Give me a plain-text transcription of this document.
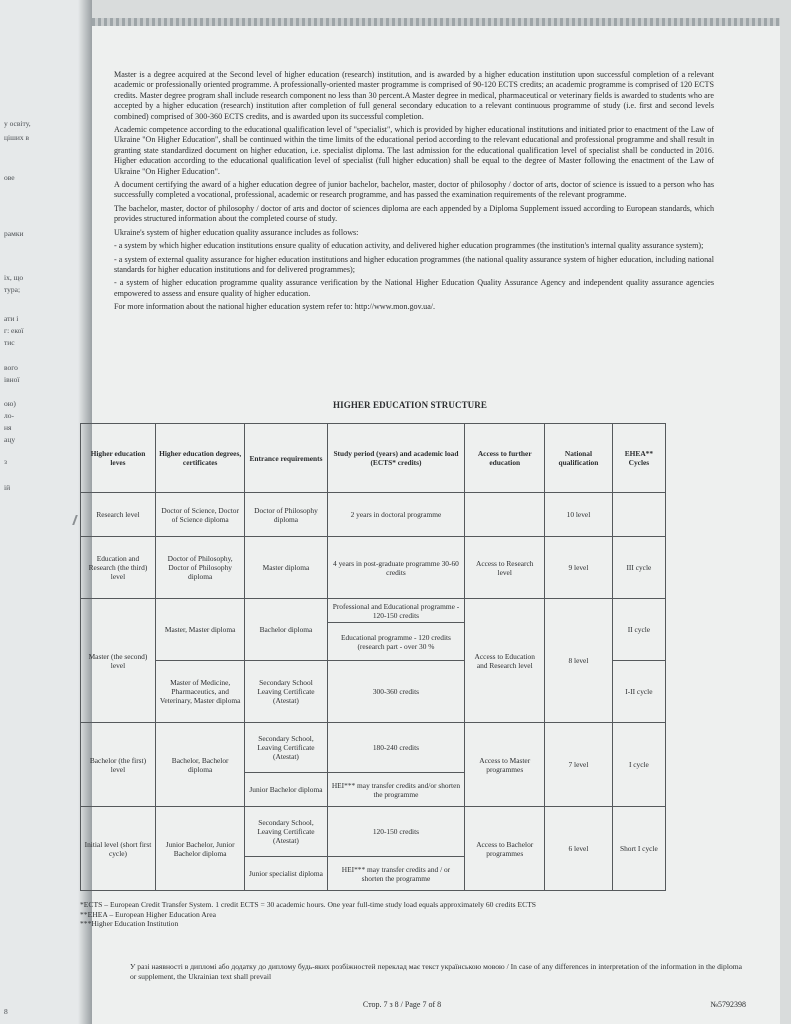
у освіту,
ціших в
ове
рамки
іх, що
тура;
ати і
г: екої
тис
вого
івної
ою)
ло-
ня
ацу
з
ій
8

Master is a degree acquired at the Second level of higher education (research) institution, and is awarded by a higher education institution upon successful completion of a relevant academic or professionally oriented programme. A professionally-oriented master programme is comprised of 90-120 ECTS credits; an academic programme is comprised of 120 ECTS credits. Master degree program shall include research component no less than 30 percent.A Master degree in medical, pharmaceutical or veterinary fields is awarded to students who are accepted by a higher education (research) institution after completion of full general secondary education to a relevant continuous programme of study (i.e. first and second levels combined) comprised of 300-360 ECTS credits, and is awarded upon its successful completion.

Academic competence according to the educational qualification level of "specialist", which is provided by higher educational institutions and initiated prior to enactment of the Law of Ukraine "On Higher Education", shall be continued within the time limits of the educational period according to the relevant educational and professional programme and shall result in granting state standardized document on higher education, i.e. specialist diploma. The last admission for the educational qualification level of specialist shall be conducted in 2016. Higher education according to the educational qualification level of specialist (full higher education) shall be equal to the degree of Master following the enactment of the Law of Ukraine "On Higher Education".

A document certifying the award of a higher education degree of junior bachelor, bachelor, master, doctor of philosophy / doctor of arts, doctor of science is issued to a person who has successfully completed a vocational, professional, academic or research programme, and has passed the examination requirements of the relevant programme.

The bachelor, master, doctor of philosophy / doctor of arts and doctor of sciences diploma are each appended by a Diploma Supplement issued according to European standards, which provides structured information about the completed course of study.

Ukraine's system of higher education quality assurance includes as follows:

- a system by which higher education institutions ensure quality of education activity, and delivered higher education programmes (the institution's internal quality assurance system);

- a system of external quality assurance for higher education institutions and higher education programmes (the national quality assurance system of higher education, including national standards for higher education institutions and for delivered programmes);

- a system of higher education programme quality assurance verification by the National Higher Education Quality Assurance Agency and independent quality assurance agencies empowered to assess and ensure quality of higher education.

For more information about the national higher education system refer to: http://www.mon.gov.ua/.

HIGHER EDUCATION STRUCTURE
Higher education leves	Higher education degrees, certificates	Entrance requirements	Study period (years) and academic load (ECTS* credits)	Access to further education	National qualification	EHEA** Cycles
Research level	Doctor of Science, Doctor of Science diploma	Doctor of Philosophy diploma	2 years in doctoral programme		10 level	
Education and Research (the third) level	Doctor of Philosophy, Doctor of Philosophy diploma	Master diploma	4 years in post-graduate programme 30-60 credits	Access to Research level	9 level	III cycle
Master (the second) level	Master, Master diploma	Bachelor diploma	Professional and Educational programme - 120-150 credits	Access to Education and Research level	8 level	II cycle
			Educational programme - 120 credits (research part - over 30 %			
	Master of Medicine, Pharmaceutics, and Veterinary, Master diploma	Secondary School Leaving Certificate (Atestat)	300-360 credits			I-II cycle
Bachelor (the first) level	Bachelor, Bachelor diploma	Secondary School, Leaving Certificate (Atestat)	180-240 credits	Access to Master programmes	7 level	I cycle
		Junior Bachelor diploma	HEI*** may transfer credits and/or shorten the programme			
Initial level (short first cycle)	Junior Bachelor, Junior Bachelor diploma	Secondary School, Leaving Certificate (Atestat)	120-150 credits	Access to Bachelor programmes	6 level	Short I cycle
		Junior specialist diploma	HEI*** may transfer credits and / or shorten the programme			
*ECTS – European Credit Transfer System. 1 credit ECTS = 30 academic hours. One year full-time study load equals approximately 60 credits ECTS
**EHEA – European Higher Education Area
***Higher Education Institution
У разі наявності в дипломі або додатку до диплому будь-яких розбіжностей переклад має текст українською мовою / In case of any differences in interpretation of the information in the diploma or supplement, the Ukrainian text shall prevail
Стор. 7 з 8 / Page 7 of 8	№5792398
